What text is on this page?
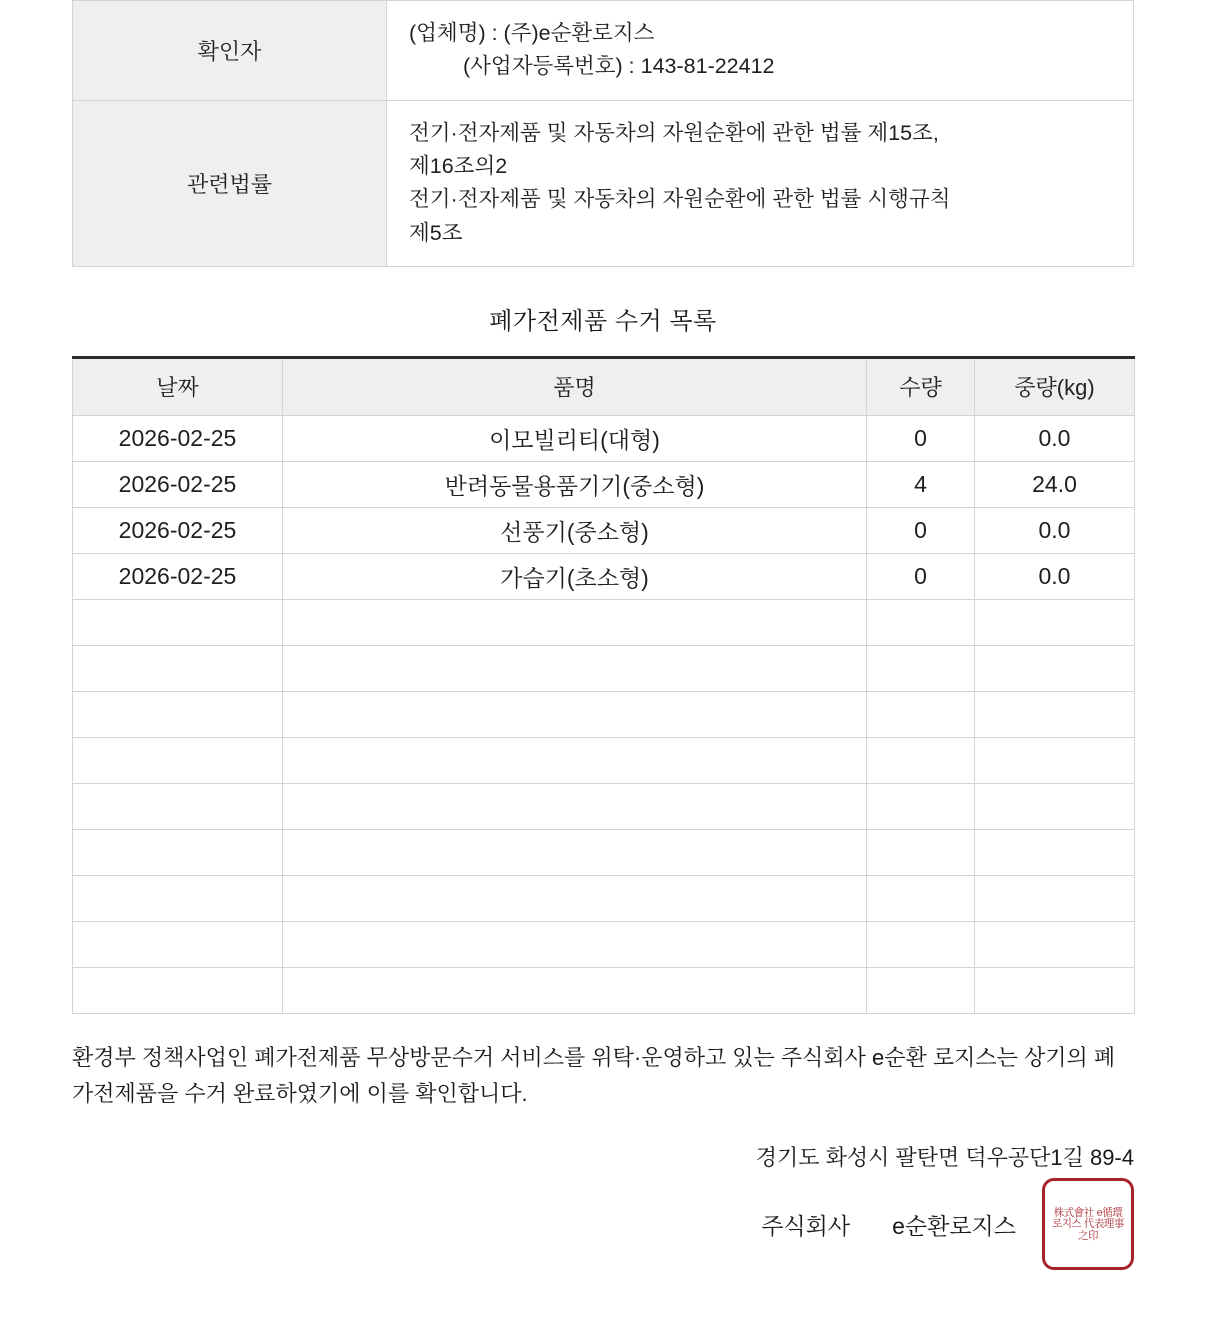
확인자	(업체명) : (주)e순환로지스
(사업자등록번호) : 143-81-22412

관련법률	전기·전자제품 및 자동차의 자원순환에 관한 법률 제15조,
제16조의2
전기·전자제품 및 자동차의 자원순환에 관한 법률 시행규칙
제5조
폐가전제품 수거 목록
날짜	품명	수량	중량(kg)
2026-02-25	이모빌리티(대형)	0	0.0
2026-02-25	반려동물용품기기(중소형)	4	24.0
2026-02-25	선풍기(중소형)	0	0.0
2026-02-25	가습기(초소형)	0	0.0

환경부 정책사업인 폐가전제품 무상방문수거 서비스를 위탁·운영하고 있는 주식회사 e순환 로지스는 상기의 폐가전제품을 수거 완료하였기에 이를 확인합니다.
경기도 화성시 팔탄면 덕우공단1길 89-4
주식회사 e순환로지스
株式會社 e循環로지스 代表理事之印
